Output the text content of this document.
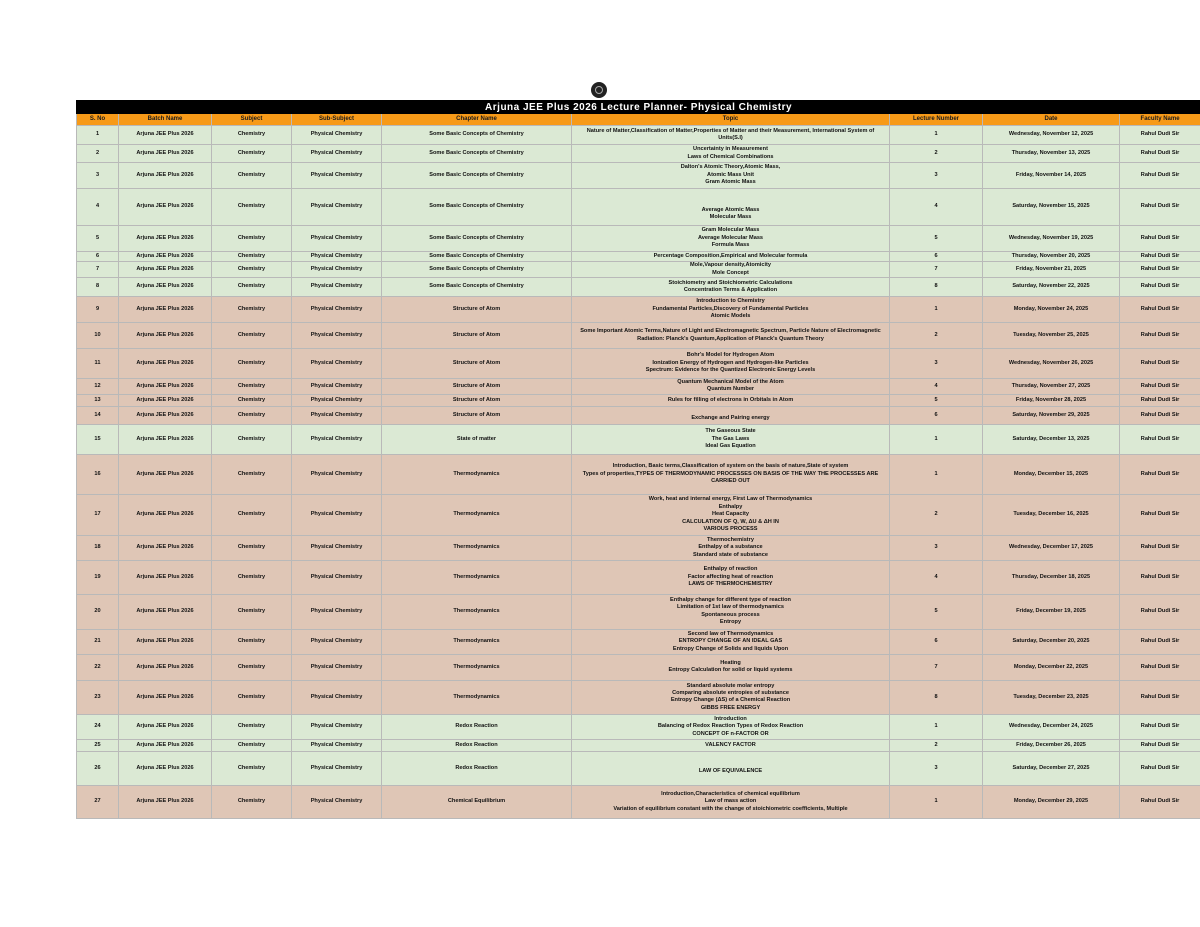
Arjuna JEE Plus 2026 Lecture Planner- Physical Chemistry								
S. No	Batch Name	Subject	Sub-Subject	Chapter Name	Topic	Lecture Number	Date	Faculty Name
1	Arjuna JEE Plus 2026	Chemistry	Physical Chemistry	Some Basic Concepts of Chemistry	Nature of Matter,Classification of Matter,Properties of Matter and their Measurement, International System of Units(S.I)	1	Wednesday, November 12, 2025	Rahul Dudi Sir
2	Arjuna JEE Plus 2026	Chemistry	Physical Chemistry	Some Basic Concepts of Chemistry	Uncertainty in Measurement
Laws of Chemical Combinations	2	Thursday, November 13, 2025	Rahul Dudi Sir
3	Arjuna JEE Plus 2026	Chemistry	Physical Chemistry	Some Basic Concepts of Chemistry	Dalton's Atomic Theory,Atomic Mass,
Atomic Mass Unit
Gram Atomic Mass	3	Friday, November 14, 2025	Rahul Dudi Sir
4	Arjuna JEE Plus 2026	Chemistry	Physical Chemistry	Some Basic Concepts of Chemistry	

Average Atomic Mass
Molecular Mass	4	Saturday, November 15, 2025	Rahul Dudi Sir
5	Arjuna JEE Plus 2026	Chemistry	Physical Chemistry	Some Basic Concepts of Chemistry	Gram Molecular Mass
Average Molecular Mass
Formula Mass	5	Wednesday, November 19, 2025	Rahul Dudi Sir
6	Arjuna JEE Plus 2026	Chemistry	Physical Chemistry	Some Basic Concepts of Chemistry	Percentage Composition,Empirical and Molecular formula	6	Thursday, November 20, 2025	Rahul Dudi Sir
7	Arjuna JEE Plus 2026	Chemistry	Physical Chemistry	Some Basic Concepts of Chemistry	Mole,Vapour density,Atomicity
Mole Concept	7	Friday, November 21, 2025	Rahul Dudi Sir
8	Arjuna JEE Plus 2026	Chemistry	Physical Chemistry	Some Basic Concepts of Chemistry	Stoichiometry and Stoichiometric Calculations
Concentration Terms & Application	8	Saturday, November 22, 2025	Rahul Dudi Sir
9	Arjuna JEE Plus 2026	Chemistry	Physical Chemistry	Structure of Atom	Introduction to Chemistry
Fundamental Particles,Discovery of Fundamental Particles
Atomic Models	1	Monday, November 24, 2025	Rahul Dudi Sir
10	Arjuna JEE Plus 2026	Chemistry	Physical Chemistry	Structure of Atom	Some Important Atomic Terms,Nature of Light and Electromagnetic Spectrum, Particle Nature of Electromagnetic Radiation: Planck's Quantum,Application of Planck's Quantum Theory	2	Tuesday, November 25, 2025	Rahul Dudi Sir
11	Arjuna JEE Plus 2026	Chemistry	Physical Chemistry	Structure of Atom	Bohr's Model for Hydrogen Atom
Ionization Energy of Hydrogen and Hydrogen-like Particles
Spectrum: Evidence for the Quantized Electronic Energy Levels	3	Wednesday, November 26, 2025	Rahul Dudi Sir
12	Arjuna JEE Plus 2026	Chemistry	Physical Chemistry	Structure of Atom	Quantum Mechanical Model of the Atom
Quantum Number	4	Thursday, November 27, 2025	Rahul Dudi Sir
13	Arjuna JEE Plus 2026	Chemistry	Physical Chemistry	Structure of Atom	Rules for filling of electrons in Orbitals in Atom	5	Friday, November 28, 2025	Rahul Dudi Sir
14	Arjuna JEE Plus 2026	Chemistry	Physical Chemistry	Structure of Atom	
Exchange and Pairing energy	6	Saturday, November 29, 2025	Rahul Dudi Sir
15	Arjuna JEE Plus 2026	Chemistry	Physical Chemistry	State of matter	The Gaseous State
The Gas Laws
Ideal Gas Equation	1	Saturday, December 13, 2025	Rahul Dudi Sir
16	Arjuna JEE Plus 2026	Chemistry	Physical Chemistry	Thermodynamics	Introduction, Basic terms,Classification of system on the basis of nature,State of system
Types of properties,TYPES OF THERMODYNAMIC PROCESSES ON BASIS OF THE WAY THE PROCESSES ARE CARRIED OUT	1	Monday, December 15, 2025	Rahul Dudi Sir
17	Arjuna JEE Plus 2026	Chemistry	Physical Chemistry	Thermodynamics	Work, heat and internal energy, First Law of Thermodynamics
Enthalpy
Heat Capacity
CALCULATION OF Q, W, ΔU & ΔH IN
VARIOUS PROCESS	2	Tuesday, December 16, 2025	Rahul Dudi Sir
18	Arjuna JEE Plus 2026	Chemistry	Physical Chemistry	Thermodynamics	Thermochemistry
Enthalpy of a substance
Standard state of substance	3	Wednesday, December 17, 2025	Rahul Dudi Sir
19	Arjuna JEE Plus 2026	Chemistry	Physical Chemistry	Thermodynamics	Enthalpy of reaction
Factor affecting heat of reaction
LAWS OF THERMOCHEMISTRY	4	Thursday, December 18, 2025	Rahul Dudi Sir
20	Arjuna JEE Plus 2026	Chemistry	Physical Chemistry	Thermodynamics	Enthalpy change for different type of reaction
Limitation of 1st law of thermodynamics
Spontaneous process
Entropy	5	Friday, December 19, 2025	Rahul Dudi Sir
21	Arjuna JEE Plus 2026	Chemistry	Physical Chemistry	Thermodynamics	Second law of Thermodynamics
ENTROPY CHANGE OF AN IDEAL GAS
Entropy Change of Solids and liquids Upon	6	Saturday, December 20, 2025	Rahul Dudi Sir
22	Arjuna JEE Plus 2026	Chemistry	Physical Chemistry	Thermodynamics	Heating
Entropy Calculation for solid or liquid systems	7	Monday, December 22, 2025	Rahul Dudi Sir
23	Arjuna JEE Plus 2026	Chemistry	Physical Chemistry	Thermodynamics	Standard absolute molar entropy
Comparing absolute entropies of substance
Entropy Change (ΔS) of a Chemical Reaction
GIBBS FREE ENERGY	8	Tuesday, December 23, 2025	Rahul Dudi Sir
24	Arjuna JEE Plus 2026	Chemistry	Physical Chemistry	Redox Reaction	Introduction
Balancing of Redox Reaction Types of Redox Reaction
CONCEPT OF n-FACTOR OR	1	Wednesday, December 24, 2025	Rahul Dudi Sir
25	Arjuna JEE Plus 2026	Chemistry	Physical Chemistry	Redox Reaction	VALENCY FACTOR	2	Friday, December 26, 2025	Rahul Dudi Sir
26	Arjuna JEE Plus 2026	Chemistry	Physical Chemistry	Redox Reaction	
LAW OF EQUIVALENCE	3	Saturday, December 27, 2025	Rahul Dudi Sir
27	Arjuna JEE Plus 2026	Chemistry	Physical Chemistry	Chemical Equilibrium	Introduction,Characteristics of chemical equilibrium
Law of mass action
Variation of equilibrium constant with the change of stoichiometric coefficients, Multiple	1	Monday, December 29, 2025	Rahul Dudi Sir
